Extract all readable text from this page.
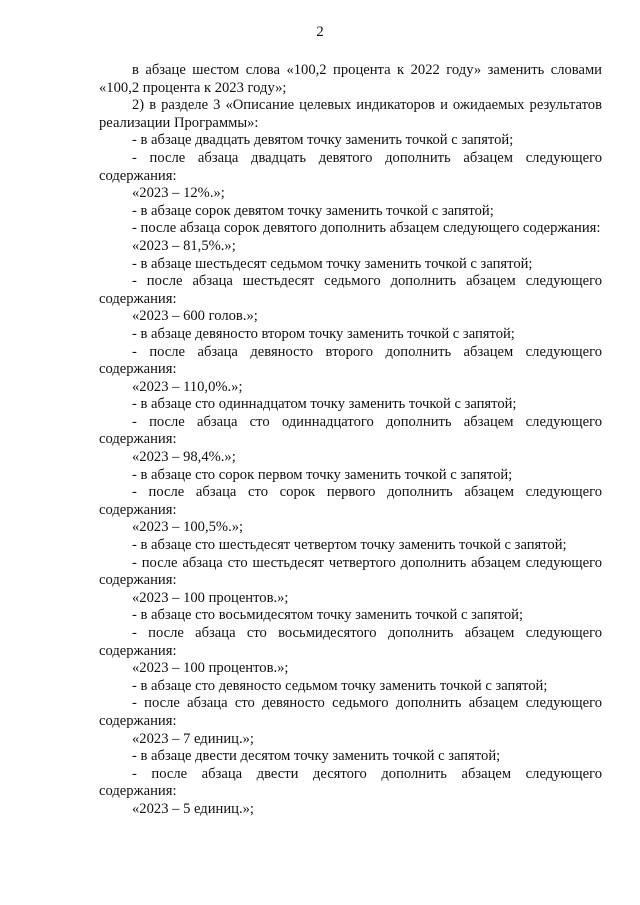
2

в абзаце шестом слова «100,2 процента к 2022 году» заменить словами «100,2 процента к 2023 году»;

2) в разделе 3 «Описание целевых индикаторов и ожидаемых результатов реализации Программы»:

- в абзаце двадцать девятом точку заменить точкой с запятой;

- после абзаца двадцать девятого дополнить абзацем следующего содержания:

«2023 – 12%.»;

- в абзаце сорок девятом точку заменить точкой с запятой;

- после абзаца сорок девятого дополнить абзацем следующего содержания:

«2023 – 81,5%.»;

- в абзаце шестьдесят седьмом точку заменить точкой с запятой;

- после абзаца шестьдесят седьмого дополнить абзацем следующего содержания:

«2023 – 600 голов.»;

- в абзаце девяносто втором точку заменить точкой с запятой;

- после абзаца девяносто второго дополнить абзацем следующего содержания:

«2023 – 110,0%.»;

- в абзаце сто одиннадцатом точку заменить точкой с запятой;

- после абзаца сто одиннадцатого дополнить абзацем следующего содержания:

«2023 – 98,4%.»;

- в абзаце сто сорок первом точку заменить точкой с запятой;

- после абзаца сто сорок первого дополнить абзацем следующего содержания:

«2023 – 100,5%.»;

- в абзаце сто шестьдесят четвертом точку заменить точкой с запятой;

- после абзаца сто шестьдесят четвертого дополнить абзацем следующего содержания:

«2023 – 100 процентов.»;

- в абзаце сто восьмидесятом точку заменить точкой с запятой;

- после абзаца сто восьмидесятого дополнить абзацем следующего содержания:

«2023 – 100 процентов.»;

- в абзаце сто девяносто седьмом точку заменить точкой с запятой;

- после абзаца сто девяносто седьмого дополнить абзацем следующего содержания:

«2023 – 7 единиц.»;

- в абзаце двести десятом точку заменить точкой с запятой;

- после абзаца двести десятого дополнить абзацем следующего содержания:

«2023 – 5 единиц.»;
